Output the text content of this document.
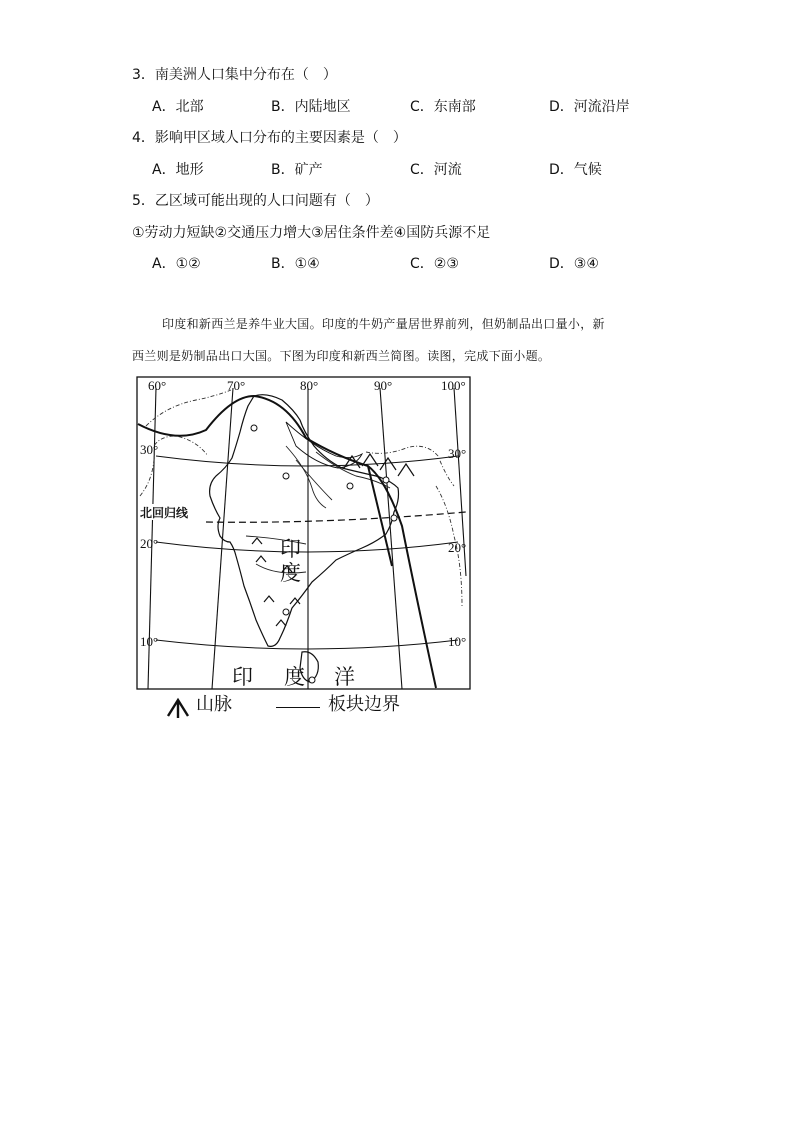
3．南美洲人口集中分布在（　）
A．北部	B．内陆地区	C．东南部	D．河流沿岸
4．影响甲区域人口分布的主要因素是（　）
A．地形	B．矿产	C．河流	D．气候
5．乙区域可能出现的人口问题有（　）
①劳动力短缺②交通压力增大③居住条件差④国防兵源不足
A．①②	B．①④	C．②③	D．③④
印度和新西兰是养牛业大国。印度的牛奶产量居世界前列，但奶制品出口量小，新
西兰则是奶制品出口大国。下图为印度和新西兰简图。读图，完成下面小题。
60°	70°	80°	90°	100°
30°	30°
20°	20°
10°	10°
北回归线
印
度
印 度 洋
山脉	板块边界
